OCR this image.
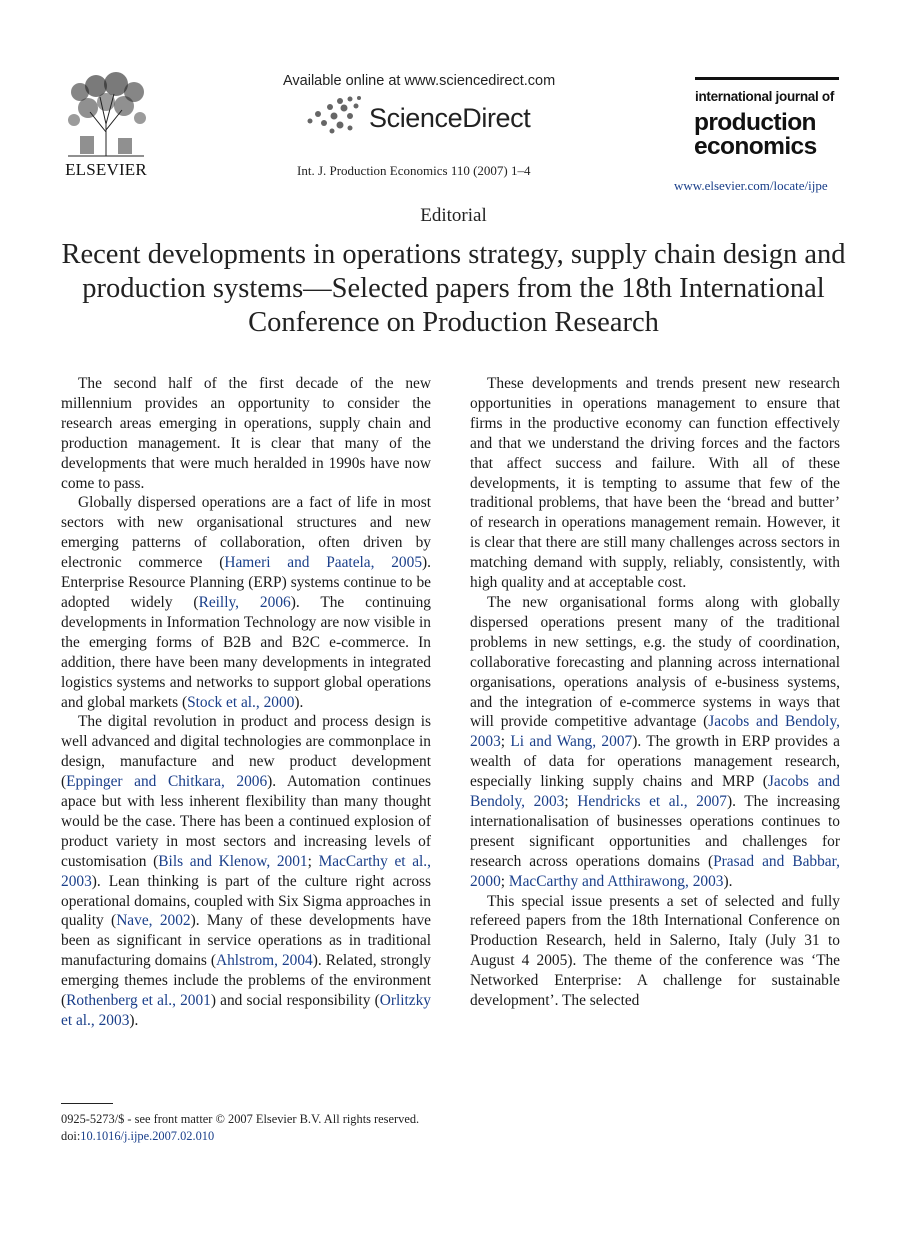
ELSEVIER
Available online at www.sciencedirect.com
ScienceDirect
Int. J. Production Economics 110 (2007) 1–4
international journal of
production
economics
www.elsevier.com/locate/ijpe
Editorial
Recent developments in operations strategy, supply chain design and production systems—Selected papers from the 18th International Conference on Production Research

The second half of the first decade of the new millennium provides an opportunity to consider the research areas emerging in operations, supply chain and production management. It is clear that many of the developments that were much heralded in 1990s have now come to pass.

Globally dispersed operations are a fact of life in most sectors with new organisational structures and new emerging patterns of collaboration, often driven by electronic commerce (Hameri and Paatela, 2005). Enterprise Resource Planning (ERP) systems continue to be adopted widely (Reilly, 2006). The continuing developments in Information Technology are now visible in the emerging forms of B2B and B2C e-commerce. In addition, there have been many developments in integrated logistics systems and networks to support global operations and global markets (Stock et al., 2000).

The digital revolution in product and process design is well advanced and digital technologies are commonplace in design, manufacture and new product development (Eppinger and Chitkara, 2006). Automation continues apace but with less inherent flexibility than many thought would be the case. There has been a continued explosion of product variety in most sectors and increasing levels of customisation (Bils and Klenow, 2001; MacCarthy et al., 2003). Lean thinking is part of the culture right across operational domains, coupled with Six Sigma approaches in quality (Nave, 2002). Many of these developments have been as significant in service operations as in traditional manufacturing domains (Ahlstrom, 2004). Related, strongly emerging themes include the problems of the environment (Rothenberg et al., 2001) and social responsibility (Orlitzky et al., 2003).

These developments and trends present new research opportunities in operations management to ensure that firms in the productive economy can function effectively and that we understand the driving forces and the factors that affect success and failure. With all of these developments, it is tempting to assume that few of the traditional problems, that have been the ‘bread and butter’ of research in operations management remain. However, it is clear that there are still many challenges across sectors in matching demand with supply, reliably, consistently, with high quality and at acceptable cost.

The new organisational forms along with globally dispersed operations present many of the traditional problems in new settings, e.g. the study of coordination, collaborative forecasting and planning across international organisations, operations analysis of e-business systems, and the integration of e-commerce systems in ways that will provide competitive advantage (Jacobs and Bendoly, 2003; Li and Wang, 2007). The growth in ERP provides a wealth of data for operations management research, especially linking supply chains and MRP (Jacobs and Bendoly, 2003; Hendricks et al., 2007). The increasing internationalisation of businesses operations continues to present significant opportunities and challenges for research across operations domains (Prasad and Babbar, 2000; MacCarthy and Atthirawong, 2003).

This special issue presents a set of selected and fully refereed papers from the 18th International Conference on Production Research, held in Salerno, Italy (July 31 to August 4 2005). The theme of the conference was ‘The Networked Enterprise: A challenge for sustainable development’. The selected

0925-5273/$ - see front matter © 2007 Elsevier B.V. All rights reserved.
doi:10.1016/j.ijpe.2007.02.010
